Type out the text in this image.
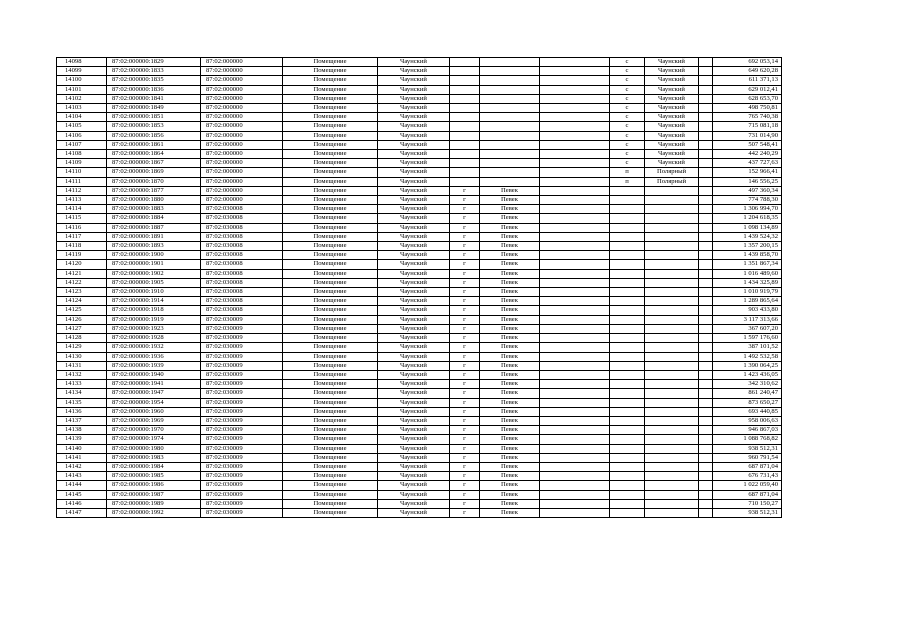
14098	87:02:000000:1829	87:02:000000	Помещение	Чаунский				с	Чаунский		692 053,14
14099	87:02:000000:1833	87:02:000000	Помещение	Чаунский				с	Чаунский		649 620,28
14100	87:02:000000:1835	87:02:000000	Помещение	Чаунский				с	Чаунский		611 371,13
14101	87:02:000000:1836	87:02:000000	Помещение	Чаунский				с	Чаунский		629 012,41
14102	87:02:000000:1841	87:02:000000	Помещение	Чаунский				с	Чаунский		628 653,70
14103	87:02:000000:1849	87:02:000000	Помещение	Чаунский				с	Чаунский		498 750,81
14104	87:02:000000:1851	87:02:000000	Помещение	Чаунский				с	Чаунский		765 740,38
14105	87:02:000000:1853	87:02:000000	Помещение	Чаунский				с	Чаунский		715 081,18
14106	87:02:000000:1856	87:02:000000	Помещение	Чаунский				с	Чаунский		731 014,90
14107	87:02:000000:1861	87:02:000000	Помещение	Чаунский				с	Чаунский		507 548,41
14108	87:02:000000:1864	87:02:000000	Помещение	Чаунский				с	Чаунский		442 240,29
14109	87:02:000000:1867	87:02:000000	Помещение	Чаунский				с	Чаунский		437 727,63
14110	87:02:000000:1869	87:02:000000	Помещение	Чаунский				п	Полярный		152 966,41
14111	87:02:000000:1870	87:02:000000	Помещение	Чаунский				п	Полярный		146 556,25
14112	87:02:000000:1877	87:02:000000	Помещение	Чаунский	г	Певек					497 360,34
14113	87:02:000000:1880	87:02:000000	Помещение	Чаунский	г	Певек					774 788,30
14114	87:02:000000:1883	87:02:030008	Помещение	Чаунский	г	Певек					1 306 994,70
14115	87:02:000000:1884	87:02:030008	Помещение	Чаунский	г	Певек					1 204 618,35
14116	87:02:000000:1887	87:02:030008	Помещение	Чаунский	г	Певек					1 098 134,89
14117	87:02:000000:1891	87:02:030008	Помещение	Чаунский	г	Певек					1 439 524,32
14118	87:02:000000:1893	87:02:030008	Помещение	Чаунский	г	Певек					1 357 200,15
14119	87:02:000000:1900	87:02:030008	Помещение	Чаунский	г	Певек					1 439 858,70
14120	87:02:000000:1901	87:02:030008	Помещение	Чаунский	г	Певек					1 351 867,34
14121	87:02:000000:1902	87:02:030008	Помещение	Чаунский	г	Певек					1 016 489,60
14122	87:02:000000:1905	87:02:030008	Помещение	Чаунский	г	Певек					1 434 325,89
14123	87:02:000000:1910	87:02:030008	Помещение	Чаунский	г	Певек					1 010 919,79
14124	87:02:000000:1914	87:02:030008	Помещение	Чаунский	г	Певек					1 289 865,64
14125	87:02:000000:1918	87:02:030008	Помещение	Чаунский	г	Певек					903 433,80
14126	87:02:000000:1919	87:02:030009	Помещение	Чаунский	г	Певек					3 117 313,66
14127	87:02:000000:1923	87:02:030009	Помещение	Чаунский	г	Певек					367 607,20
14128	87:02:000000:1928	87:02:030009	Помещение	Чаунский	г	Певек					1 597 176,60
14129	87:02:000000:1932	87:02:030009	Помещение	Чаунский	г	Певек					387 101,52
14130	87:02:000000:1936	87:02:030009	Помещение	Чаунский	г	Певек					1 492 532,58
14131	87:02:000000:1939	87:02:030009	Помещение	Чаунский	г	Певек					1 390 064,25
14132	87:02:000000:1940	87:02:030009	Помещение	Чаунский	г	Певек					1 423 436,05
14133	87:02:000000:1941	87:02:030009	Помещение	Чаунский	г	Певек					342 310,62
14134	87:02:000000:1947	87:02:030009	Помещение	Чаунский	г	Певек					861 240,47
14135	87:02:000000:1954	87:02:030009	Помещение	Чаунский	г	Певек					873 650,27
14136	87:02:000000:1960	87:02:030009	Помещение	Чаунский	г	Певек					693 440,85
14137	87:02:000000:1969	87:02:030009	Помещение	Чаунский	г	Певек					958 006,63
14138	87:02:000000:1970	87:02:030009	Помещение	Чаунский	г	Певек					946 867,03
14139	87:02:000000:1974	87:02:030009	Помещение	Чаунский	г	Певек					1 088 768,82
14140	87:02:000000:1980	87:02:030009	Помещение	Чаунский	г	Певек					938 512,31
14141	87:02:000000:1983	87:02:030009	Помещение	Чаунский	г	Певек					960 791,54
14142	87:02:000000:1984	87:02:030009	Помещение	Чаунский	г	Певек					687 871,04
14143	87:02:000000:1985	87:02:030009	Помещение	Чаунский	г	Певек					676 731,43
14144	87:02:000000:1986	87:02:030009	Помещение	Чаунский	г	Певек					1 022 059,40
14145	87:02:000000:1987	87:02:030009	Помещение	Чаунский	г	Певек					687 871,04
14146	87:02:000000:1989	87:02:030009	Помещение	Чаунский	г	Певек					710 150,27
14147	87:02:000000:1992	87:02:030009	Помещение	Чаунский	г	Певек					938 512,31
